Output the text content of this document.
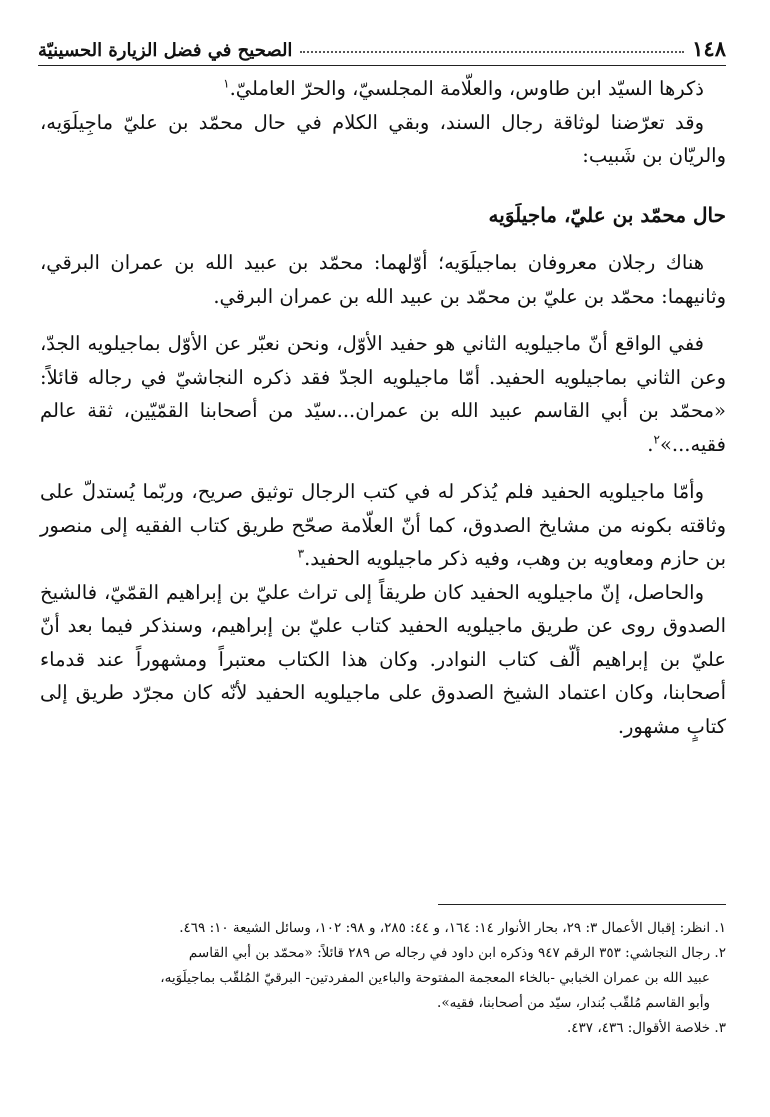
١٤٨
الصحيح في فضل الزيارة الحسينيّة

ذكرها السيّد ابن طاوس، والعلّامة المجلسيّ، والحرّ العامليّ.$^١$

وقد تعرّضنا لوثاقة رجال السند، وبقي الكلام في حال محمّد بن عليّ ماجِيلَوَيه، والريّان بن شَبيب:

حال محمّد بن عليّ، ماجيلَوَيه

هناك رجلان معروفان بماجيلَوَيه؛ أوّلهما: محمّد بن عبيد الله بن عمران البرقي، وثانيهما: محمّد بن عليّ بن محمّد بن عبيد الله بن عمران البرقي.

ففي الواقع أنّ ماجيلويه الثاني هو حفيد الأوّل، ونحن نعبّر عن الأوّل بماجيلويه الجدّ، وعن الثاني بماجيلويه الحفيد. أمّا ماجيلويه الجدّ فقد ذكره النجاشيّ في رجاله قائلاً: «محمّد بن أبي القاسم عبيد الله بن عمران...سيّد من أصحابنا القمّيّين، ثقة عالم فقيه...»$^٢$.

وأمّا ماجيلويه الحفيد فلم يُذكر له في كتب الرجال توثيق صريح، وربّما يُستدلّ على وثاقته بكونه من مشايخ الصدوق، كما أنّ العلّامة صحّح طريق كتاب الفقيه إلى منصور بن حازم ومعاويه بن وهب، وفيه ذكر ماجيلويه الحفيد.$^٣$

والحاصل، إنّ ماجيلويه الحفيد كان طريقاً إلى تراث عليّ بن إبراهيم القمّيّ، فالشيخ الصدوق روى عن طريق ماجيلويه الحفيد كتاب عليّ بن إبراهيم، وسنذكر فيما بعد أنّ عليّ بن إبراهيم ألّف كتاب النوادر. وكان هذا الكتاب معتبراً ومشهوراً عند قدماء أصحابنا، وكان اعتماد الشيخ الصدوق على ماجيلويه الحفيد لأنّه كان مجرّد طريق إلى كتابٍ مشهور.

١. انظر: إقبال الأعمال ٣: ٢٩، بحار الأنوار ١٤: ١٦٤، و ٤٤: ٢٨٥، و ٩٨: ١٠٢، وسائل الشيعة ١٠: ٤٦٩.

٢. رجال النجاشي: ٣٥٣ الرقم ٩٤٧ وذكره ابن داود في رجاله ص ٢٨٩ قائلاً: «محمّد بن أبي القاسم

عبيد الله بن عمران الخبابي -بالخاء المعجمة المفتوحة والباءين المفردتين- البرقيّ المُلقّب بماجيلَوَيه،

وأبو القاسم مُلقّب بُندار، سيّد من أصحابنا، فقيه».

٣. خلاصة الأقوال: ٤٣٦، ٤٣٧.
